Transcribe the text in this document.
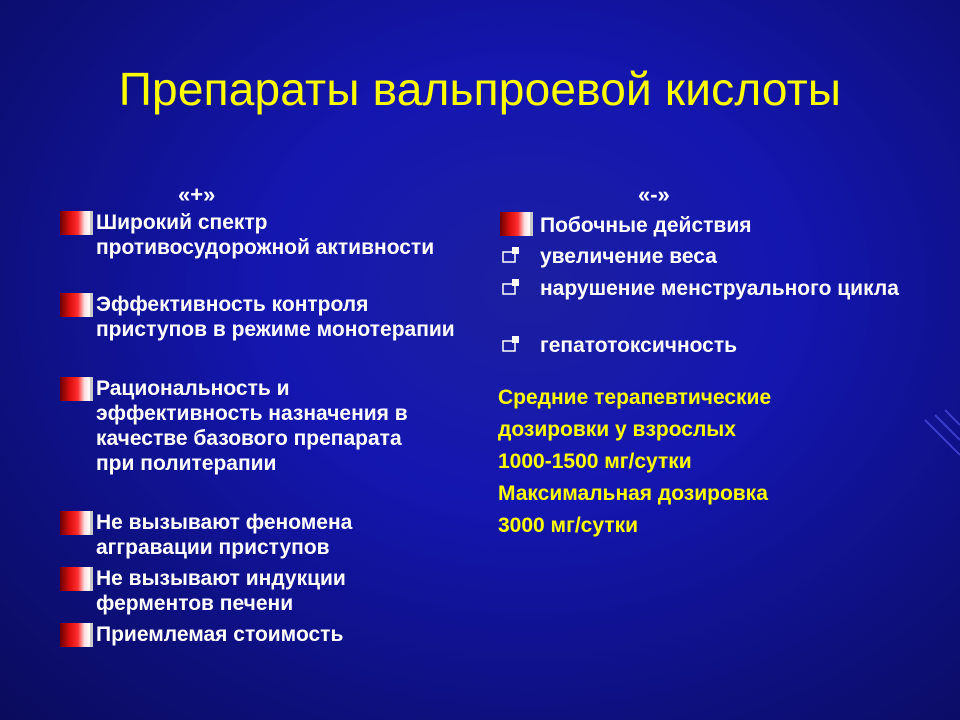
Препараты вальпроевой кислоты
«+»
Широкий спектр противосудорожной активности
Эффективность контроля приступов в режиме монотерапии
Рациональность и эффективность назначения в качестве базового препарата при политерапии
Не вызывают феномена аггравации приступов
Не вызывают индукции ферментов печени
Приемлемая стоимость
«-»
Побочные действия
увеличение веса
нарушение менструального цикла
гепатотоксичность
Средние терапевтические
дозировки у взрослых
1000-1500 мг/сутки
Максимальная дозировка
3000 мг/сутки
